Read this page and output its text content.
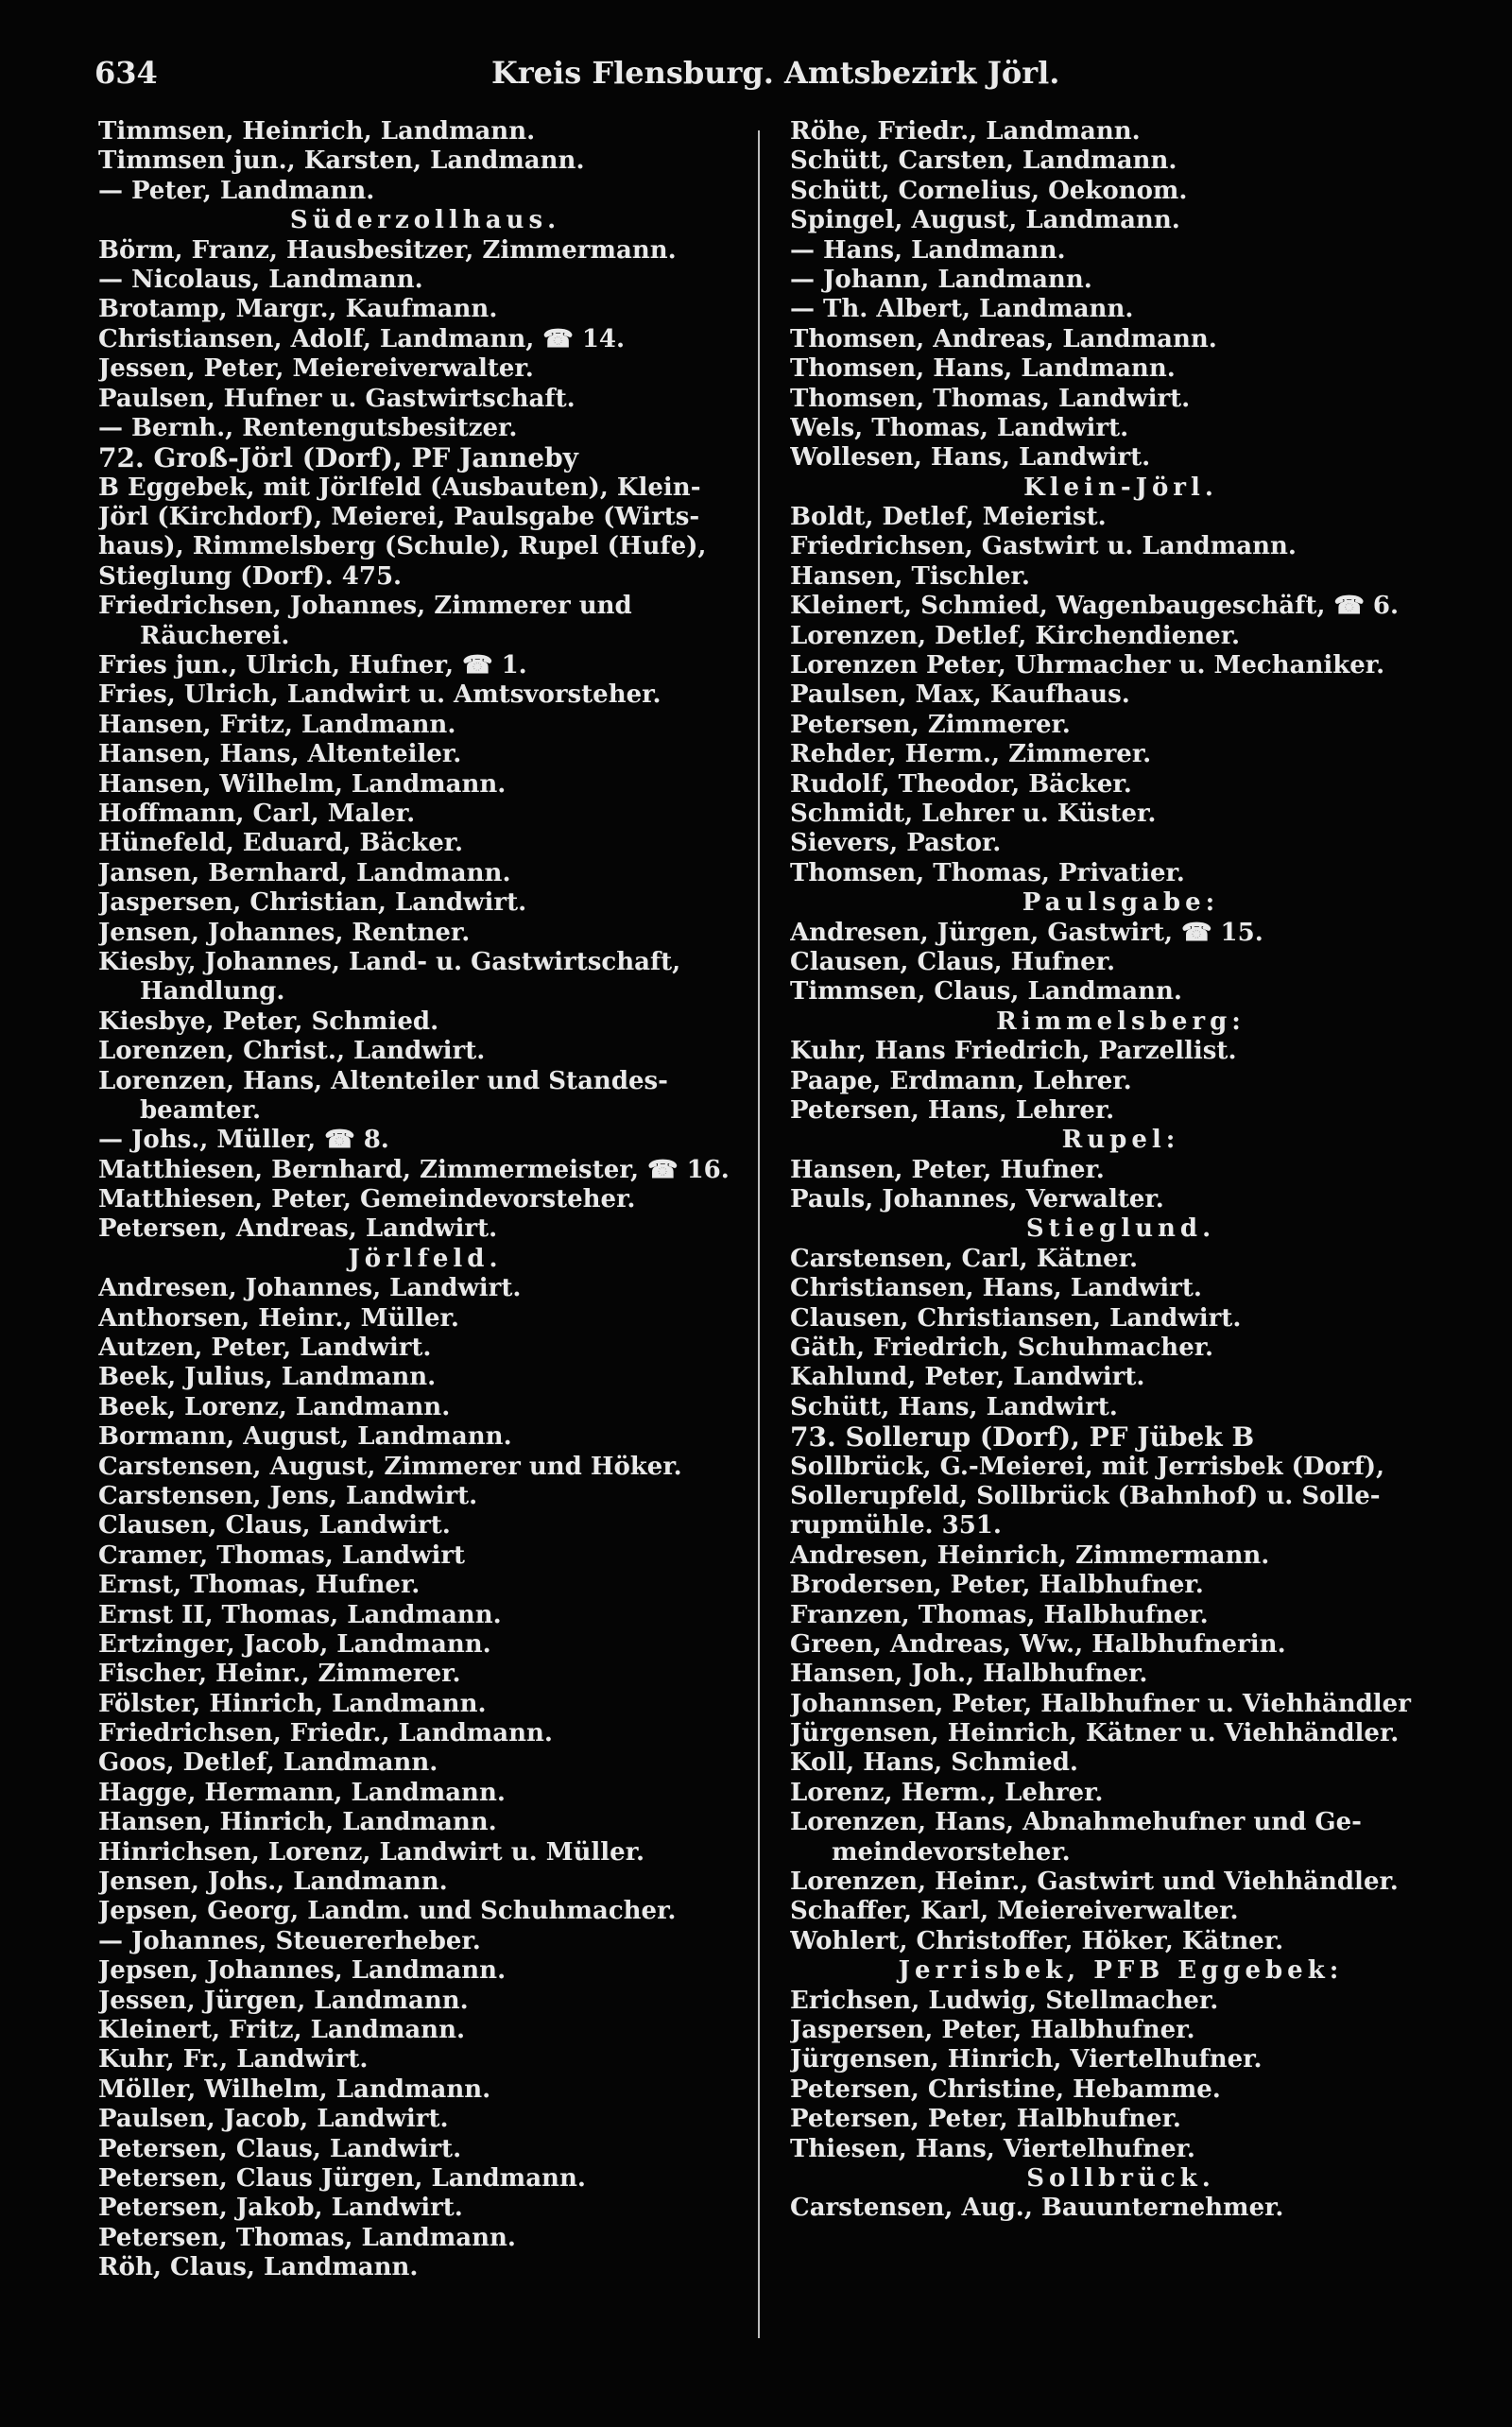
634	Kreis Flensburg. Amtsbezirk Jörl.
Timmsen, Heinrich, Landmann.
Timmsen jun., Karsten, Landmann.
— Peter, Landmann.
Süderzollhaus.
Börm, Franz, Hausbesitzer, Zimmermann.
— Nicolaus, Landmann.
Brotamp, Margr., Kaufmann.
Christiansen, Adolf, Landmann, ☎ 14.
Jessen, Peter, Meiereiverwalter.
Paulsen, Hufner u. Gastwirtschaft.
— Bernh., Rentengutsbesitzer.
72. Groß-Jörl (Dorf), PF Janneby
B Eggebek, mit Jörlfeld (Ausbauten), Klein-
Jörl (Kirchdorf), Meierei, Paulsgabe (Wirts-
haus), Rimmelsberg (Schule), Rupel (Hufe),
Stieglung (Dorf). 475.
Friedrichsen, Johannes, Zimmerer und
Räucherei.
Fries jun., Ulrich, Hufner, ☎ 1.
Fries, Ulrich, Landwirt u. Amtsvorsteher.
Hansen, Fritz, Landmann.
Hansen, Hans, Altenteiler.
Hansen, Wilhelm, Landmann.
Hoffmann, Carl, Maler.
Hünefeld, Eduard, Bäcker.
Jansen, Bernhard, Landmann.
Jaspersen, Christian, Landwirt.
Jensen, Johannes, Rentner.
Kiesby, Johannes, Land- u. Gastwirtschaft,
Handlung.
Kiesbye, Peter, Schmied.
Lorenzen, Christ., Landwirt.
Lorenzen, Hans, Altenteiler und Standes-
beamter.
— Johs., Müller, ☎ 8.
Matthiesen, Bernhard, Zimmermeister, ☎ 16.
Matthiesen, Peter, Gemeindevorsteher.
Petersen, Andreas, Landwirt.
Jörlfeld.
Andresen, Johannes, Landwirt.
Anthorsen, Heinr., Müller.
Autzen, Peter, Landwirt.
Beek, Julius, Landmann.
Beek, Lorenz, Landmann.
Bormann, August, Landmann.
Carstensen, August, Zimmerer und Höker.
Carstensen, Jens, Landwirt.
Clausen, Claus, Landwirt.
Cramer, Thomas, Landwirt
Ernst, Thomas, Hufner.
Ernst II, Thomas, Landmann.
Ertzinger, Jacob, Landmann.
Fischer, Heinr., Zimmerer.
Fölster, Hinrich, Landmann.
Friedrichsen, Friedr., Landmann.
Goos, Detlef, Landmann.
Hagge, Hermann, Landmann.
Hansen, Hinrich, Landmann.
Hinrichsen, Lorenz, Landwirt u. Müller.
Jensen, Johs., Landmann.
Jepsen, Georg, Landm. und Schuhmacher.
— Johannes, Steuererheber.
Jepsen, Johannes, Landmann.
Jessen, Jürgen, Landmann.
Kleinert, Fritz, Landmann.
Kuhr, Fr., Landwirt.
Möller, Wilhelm, Landmann.
Paulsen, Jacob, Landwirt.
Petersen, Claus, Landwirt.
Petersen, Claus Jürgen, Landmann.
Petersen, Jakob, Landwirt.
Petersen, Thomas, Landmann.
Röh, Claus, Landmann.
Röhe, Friedr., Landmann.
Schütt, Carsten, Landmann.
Schütt, Cornelius, Oekonom.
Spingel, August, Landmann.
— Hans, Landmann.
— Johann, Landmann.
— Th. Albert, Landmann.
Thomsen, Andreas, Landmann.
Thomsen, Hans, Landmann.
Thomsen, Thomas, Landwirt.
Wels, Thomas, Landwirt.
Wollesen, Hans, Landwirt.
Klein-Jörl.
Boldt, Detlef, Meierist.
Friedrichsen, Gastwirt u. Landmann.
Hansen, Tischler.
Kleinert, Schmied, Wagenbaugeschäft, ☎ 6.
Lorenzen, Detlef, Kirchendiener.
Lorenzen Peter, Uhrmacher u. Mechaniker.
Paulsen, Max, Kaufhaus.
Petersen, Zimmerer.
Rehder, Herm., Zimmerer.
Rudolf, Theodor, Bäcker.
Schmidt, Lehrer u. Küster.
Sievers, Pastor.
Thomsen, Thomas, Privatier.
Paulsgabe:
Andresen, Jürgen, Gastwirt, ☎ 15.
Clausen, Claus, Hufner.
Timmsen, Claus, Landmann.
Rimmelsberg:
Kuhr, Hans Friedrich, Parzellist.
Paape, Erdmann, Lehrer.
Petersen, Hans, Lehrer.
Rupel:
Hansen, Peter, Hufner.
Pauls, Johannes, Verwalter.
Stieglund.
Carstensen, Carl, Kätner.
Christiansen, Hans, Landwirt.
Clausen, Christiansen, Landwirt.
Gäth, Friedrich, Schuhmacher.
Kahlund, Peter, Landwirt.
Schütt, Hans, Landwirt.
73. Sollerup (Dorf), PF Jübek B
Sollbrück, G.-Meierei, mit Jerrisbek (Dorf),
Sollerupfeld, Sollbrück (Bahnhof) u. Solle-
rupmühle. 351.
Andresen, Heinrich, Zimmermann.
Brodersen, Peter, Halbhufner.
Franzen, Thomas, Halbhufner.
Green, Andreas, Ww., Halbhufnerin.
Hansen, Joh., Halbhufner.
Johannsen, Peter, Halbhufner u. Viehhändler
Jürgensen, Heinrich, Kätner u. Viehhändler.
Koll, Hans, Schmied.
Lorenz, Herm., Lehrer.
Lorenzen, Hans, Abnahmehufner und Ge-
meindevorsteher.
Lorenzen, Heinr., Gastwirt und Viehhändler.
Schaffer, Karl, Meiereiverwalter.
Wohlert, Christoffer, Höker, Kätner.
Jerrisbek, PFB Eggebek:
Erichsen, Ludwig, Stellmacher.
Jaspersen, Peter, Halbhufner.
Jürgensen, Hinrich, Viertelhufner.
Petersen, Christine, Hebamme.
Petersen, Peter, Halbhufner.
Thiesen, Hans, Viertelhufner.
Sollbrück.
Carstensen, Aug., Bauunternehmer.
